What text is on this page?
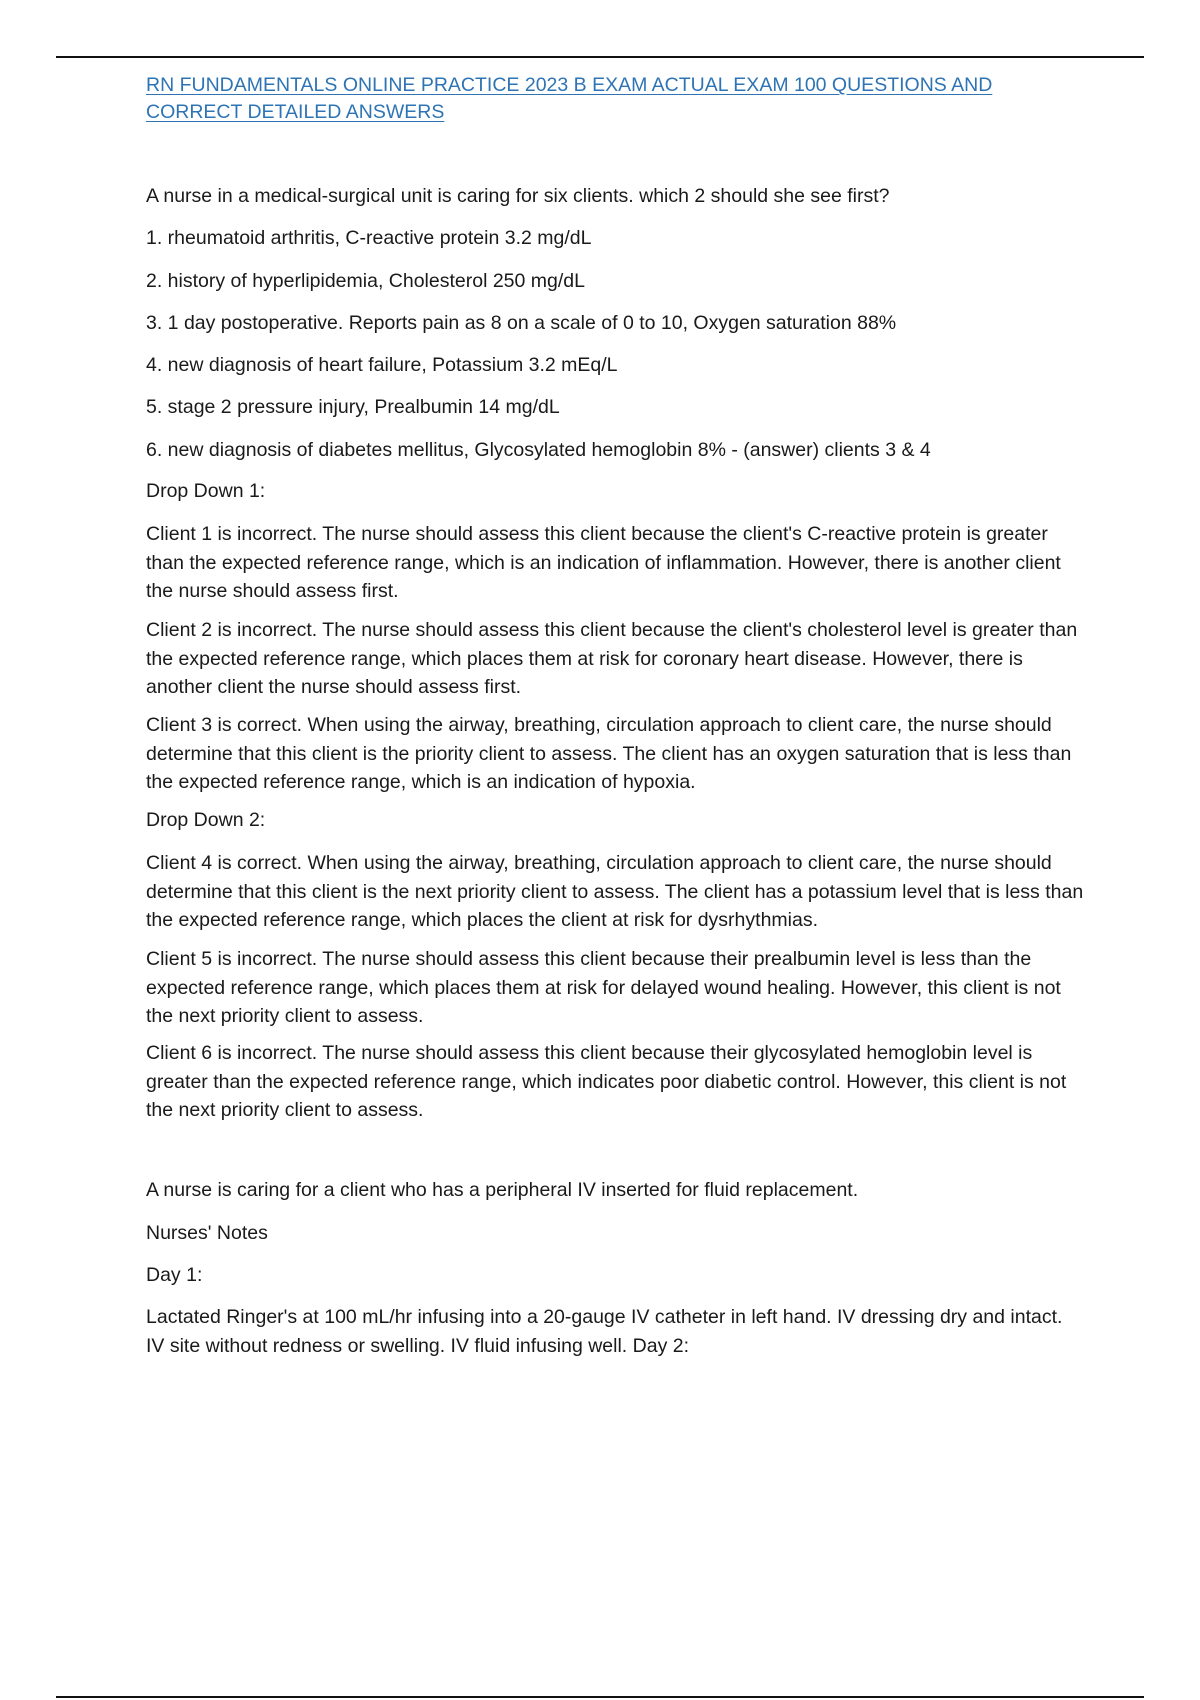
RN FUNDAMENTALS ONLINE PRACTICE 2023 B EXAM ACTUAL EXAM 100 QUESTIONS AND CORRECT DETAILED ANSWERS

A nurse in a medical-surgical unit is caring for six clients. which 2 should she see first?

1. rheumatoid arthritis, C-reactive protein 3.2 mg/dL

2. history of hyperlipidemia, Cholesterol 250 mg/dL

3. 1 day postoperative. Reports pain as 8 on a scale of 0 to 10, Oxygen saturation 88%

4. new diagnosis of heart failure, Potassium 3.2 mEq/L

5. stage 2 pressure injury, Prealbumin 14 mg/dL

6. new diagnosis of diabetes mellitus, Glycosylated hemoglobin 8% - (answer) clients 3 & 4

Drop Down 1:

Client 1 is incorrect. The nurse should assess this client because the client's C-reactive protein is greater than the expected reference range, which is an indication of inflammation. However, there is another client the nurse should assess first.

Client 2 is incorrect. The nurse should assess this client because the client's cholesterol level is greater than the expected reference range, which places them at risk for coronary heart disease. However, there is another client the nurse should assess first.

Client 3 is correct. When using the airway, breathing, circulation approach to client care, the nurse should determine that this client is the priority client to assess. The client has an oxygen saturation that is less than the expected reference range, which is an indication of hypoxia.

Drop Down 2:

Client 4 is correct. When using the airway, breathing, circulation approach to client care, the nurse should determine that this client is the next priority client to assess. The client has a potassium level that is less than the expected reference range, which places the client at risk for dysrhythmias.

Client 5 is incorrect. The nurse should assess this client because their prealbumin level is less than the expected reference range, which places them at risk for delayed wound healing. However, this client is not the next priority client to assess.

Client 6 is incorrect. The nurse should assess this client because their glycosylated hemoglobin level is greater than the expected reference range, which indicates poor diabetic control. However, this client is not the next priority client to assess.

A nurse is caring for a client who has a peripheral IV inserted for fluid replacement.

Nurses' Notes

Day 1:

Lactated Ringer's at 100 mL/hr infusing into a 20-gauge IV catheter in left hand. IV dressing dry and intact. IV site without redness or swelling. IV fluid infusing well. Day 2:
